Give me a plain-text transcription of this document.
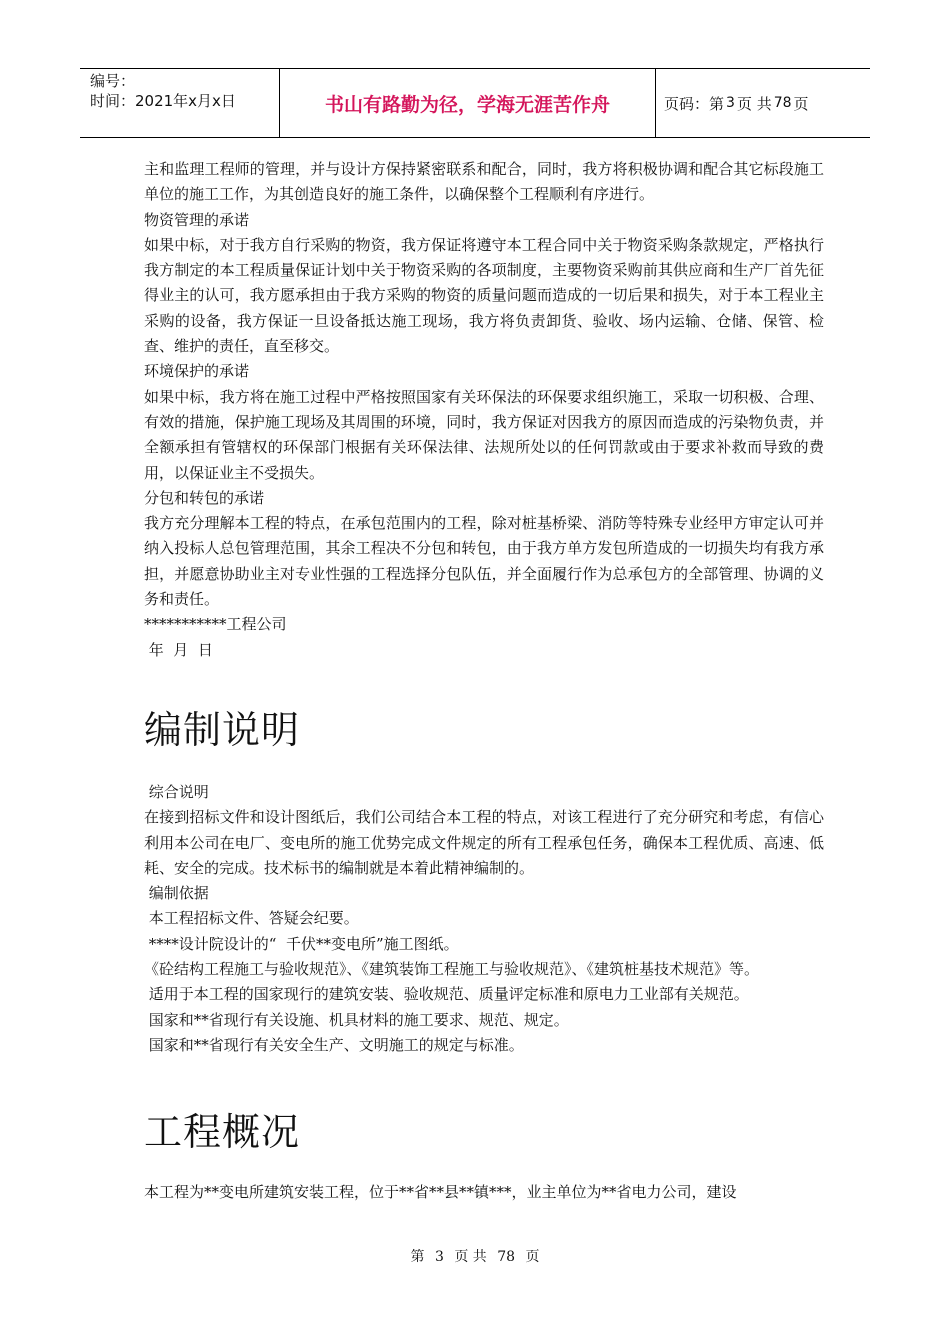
编号：
时间：2021年x月x日	书山有路勤为径，学海无涯苦作舟	页码：第 3 页 共 78 页

主和监理工程师的管理，并与设计方保持紧密联系和配合，同时，我方将积极协调和配合其它标段施工单位的施工工作，为其创造良好的施工条件，以确保整个工程顺利有序进行。

物资管理的承诺

如果中标，对于我方自行采购的物资，我方保证将遵守本工程合同中关于物资采购条款规定，严格执行我方制定的本工程质量保证计划中关于物资采购的各项制度，主要物资采购前其供应商和生产厂首先征得业主的认可，我方愿承担由于我方采购的物资的质量问题而造成的一切后果和损失，对于本工程业主采购的设备，我方保证一旦设备抵达施工现场，我方将负责卸货、验收、场内运输、仓储、保管、检查、维护的责任，直至移交。

环境保护的承诺

如果中标，我方将在施工过程中严格按照国家有关环保法的环保要求组织施工，采取一切积极、合理、有效的措施，保护施工现场及其周围的环境，同时，我方保证对因我方的原因而造成的污染物负责，并全额承担有管辖权的环保部门根据有关环保法律、法规所处以的任何罚款或由于要求补救而导致的费用，以保证业主不受损失。

分包和转包的承诺

我方充分理解本工程的特点，在承包范围内的工程，除对桩基桥梁、消防等特殊专业经甲方审定认可并纳入投标人总包管理范围，其余工程决不分包和转包，由于我方单方发包所造成的一切损失均有我方承担，并愿意协助业主对专业性强的工程选择分包队伍，并全面履行作为总承包方的全部管理、协调的义务和责任。

***********工程公司

年  月  日

编制说明

综合说明

在接到招标文件和设计图纸后，我们公司结合本工程的特点，对该工程进行了充分研究和考虑，有信心利用本公司在电厂、变电所的施工优势完成文件规定的所有工程承包任务，确保本工程优质、高速、低耗、安全的完成。技术标书的编制就是本着此精神编制的。

编制依据

本工程招标文件、答疑会纪要。

****设计院设计的“  千伏**变电所”施工图纸。

《砼结构工程施工与验收规范》、《建筑装饰工程施工与验收规范》、《建筑桩基技术规范》等。

适用于本工程的国家现行的建筑安装、验收规范、质量评定标准和原电力工业部有关规范。

国家和**省现行有关设施、机具材料的施工要求、规范、规定。

国家和**省现行有关安全生产、文明施工的规定与标准。

工程概况

本工程为**变电所建筑安装工程，位于**省**县**镇***，业主单位为**省电力公司，建设

第 3 页 共 78 页
